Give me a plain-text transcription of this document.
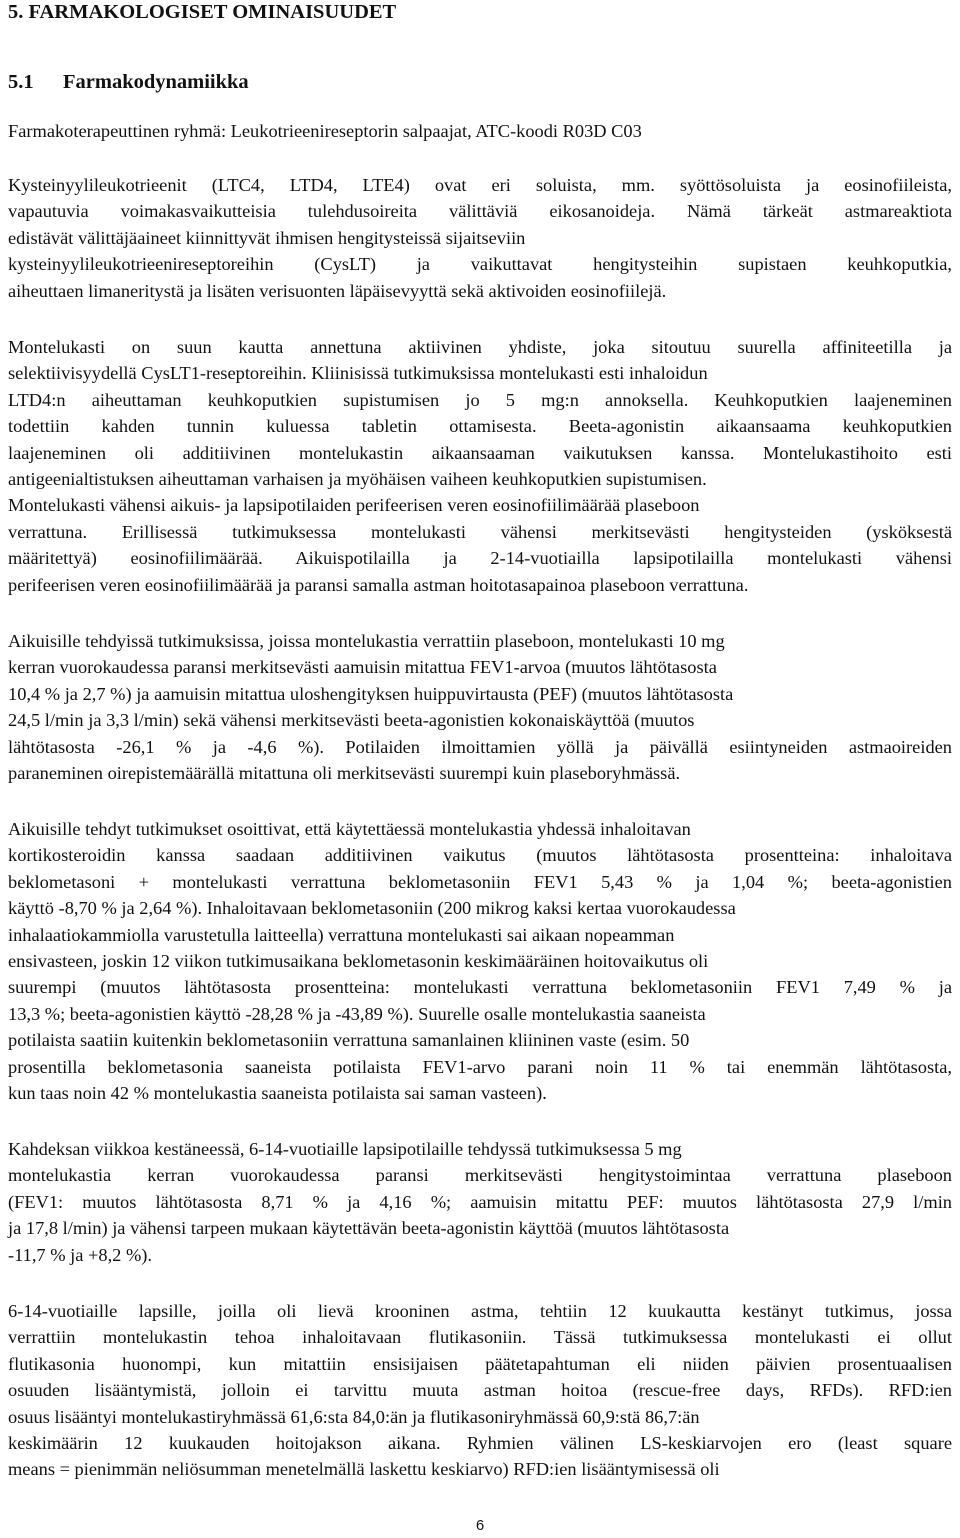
5. FARMAKOLOGISET OMINAISUUDET
5.1 Farmakodynamiikka
Farmakoterapeuttinen ryhmä: Leukotrieenireseptorin salpaajat, ATC-koodi R03D C03
Kysteinyylileukotrieenit (LTC4, LTD4, LTE4) ovat eri soluista, mm. syöttösoluista ja eosinofiileista,
vapautuvia voimakasvaikutteisia tulehdusoireita välittäviä eikosanoideja. Nämä tärkeät astmareaktiota
edistävät välittäjäaineet kiinnittyvät ihmisen hengitysteissä sijaitseviin
kysteinyylileukotrieenireseptoreihin (CysLT) ja vaikuttavat hengitysteihin supistaen keuhkoputkia,
aiheuttaen limaneritystä ja lisäten verisuonten läpäisevyyttä sekä aktivoiden eosinofiilejä.
Montelukasti on suun kautta annettuna aktiivinen yhdiste, joka sitoutuu suurella affiniteetilla ja
selektiivisyydellä CysLT1-reseptoreihin. Kliinisissä tutkimuksissa montelukasti esti inhaloidun
LTD4:n aiheuttaman keuhkoputkien supistumisen jo 5 mg:n annoksella. Keuhkoputkien laajeneminen
todettiin kahden tunnin kuluessa tabletin ottamisesta. Beeta-agonistin aikaansaama keuhkoputkien
laajeneminen oli additiivinen montelukastin aikaansaaman vaikutuksen kanssa. Montelukastihoito esti
antigeenialtistuksen aiheuttaman varhaisen ja myöhäisen vaiheen keuhkoputkien supistumisen.
Montelukasti vähensi aikuis- ja lapsipotilaiden perifeerisen veren eosinofiilimäärää plaseboon
verrattuna. Erillisessä tutkimuksessa montelukasti vähensi merkitsevästi hengitysteiden (ysköksestä
määritettyä) eosinofiilimäärää. Aikuispotilailla ja 2-14-vuotiailla lapsipotilailla montelukasti vähensi
perifeerisen veren eosinofiilimäärää ja paransi samalla astman hoitotasapainoa plaseboon verrattuna.
Aikuisille tehdyissä tutkimuksissa, joissa montelukastia verrattiin plaseboon, montelukasti 10 mg
kerran vuorokaudessa paransi merkitsevästi aamuisin mitattua FEV1-arvoa (muutos lähtötasosta
10,4 % ja 2,7 %) ja aamuisin mitattua uloshengityksen huippuvirtausta (PEF) (muutos lähtötasosta
24,5 l/min ja 3,3 l/min) sekä vähensi merkitsevästi beeta-agonistien kokonaiskäyttöä (muutos
lähtötasosta -26,1 % ja -4,6 %). Potilaiden ilmoittamien yöllä ja päivällä esiintyneiden astmaoireiden
paraneminen oirepistemäärällä mitattuna oli merkitsevästi suurempi kuin plaseboryhmässä.
Aikuisille tehdyt tutkimukset osoittivat, että käytettäessä montelukastia yhdessä inhaloitavan
kortikosteroidin kanssa saadaan additiivinen vaikutus (muutos lähtötasosta prosentteina: inhaloitava
beklometasoni + montelukasti verrattuna beklometasoniin FEV1 5,43 % ja 1,04 %; beeta-agonistien
käyttö -8,70 % ja 2,64 %). Inhaloitavaan beklometasoniin (200 mikrog kaksi kertaa vuorokaudessa
inhalaatiokammiolla varustetulla laitteella) verrattuna montelukasti sai aikaan nopeamman
ensivasteen, joskin 12 viikon tutkimusaikana beklometasonin keskimääräinen hoitovaikutus oli
suurempi (muutos lähtötasosta prosentteina: montelukasti verrattuna beklometasoniin FEV1 7,49 % ja
13,3 %; beeta-agonistien käyttö -28,28 % ja -43,89 %). Suurelle osalle montelukastia saaneista
potilaista saatiin kuitenkin beklometasoniin verrattuna samanlainen kliininen vaste (esim. 50
prosentilla beklometasonia saaneista potilaista FEV1-arvo parani noin 11 % tai enemmän lähtötasosta,
kun taas noin 42 % montelukastia saaneista potilaista sai saman vasteen).
Kahdeksan viikkoa kestäneessä, 6-14-vuotiaille lapsipotilaille tehdyssä tutkimuksessa 5 mg
montelukastia kerran vuorokaudessa paransi merkitsevästi hengitystoimintaa verrattuna plaseboon
(FEV1: muutos lähtötasosta 8,71 % ja 4,16 %; aamuisin mitattu PEF: muutos lähtötasosta 27,9 l/min
ja 17,8 l/min) ja vähensi tarpeen mukaan käytettävän beeta-agonistin käyttöä (muutos lähtötasosta
-11,7 % ja +8,2 %).
6-14-vuotiaille lapsille, joilla oli lievä krooninen astma, tehtiin 12 kuukautta kestänyt tutkimus, jossa
verrattiin montelukastin tehoa inhaloitavaan flutikasoniin. Tässä tutkimuksessa montelukasti ei ollut
flutikasonia huonompi, kun mitattiin ensisijaisen päätetapahtuman eli niiden päivien prosentuaalisen
osuuden lisääntymistä, jolloin ei tarvittu muuta astman hoitoa (rescue-free days, RFDs). RFD:ien
osuus lisääntyi montelukastiryhmässä 61,6:sta 84,0:än ja flutikasoniryhmässä 60,9:stä 86,7:än
keskimäärin 12 kuukauden hoitojakson aikana. Ryhmien välinen LS-keskiarvojen ero (least square
means = pienimmän neliösumman menetelmällä laskettu keskiarvo) RFD:ien lisääntymisessä oli
6
